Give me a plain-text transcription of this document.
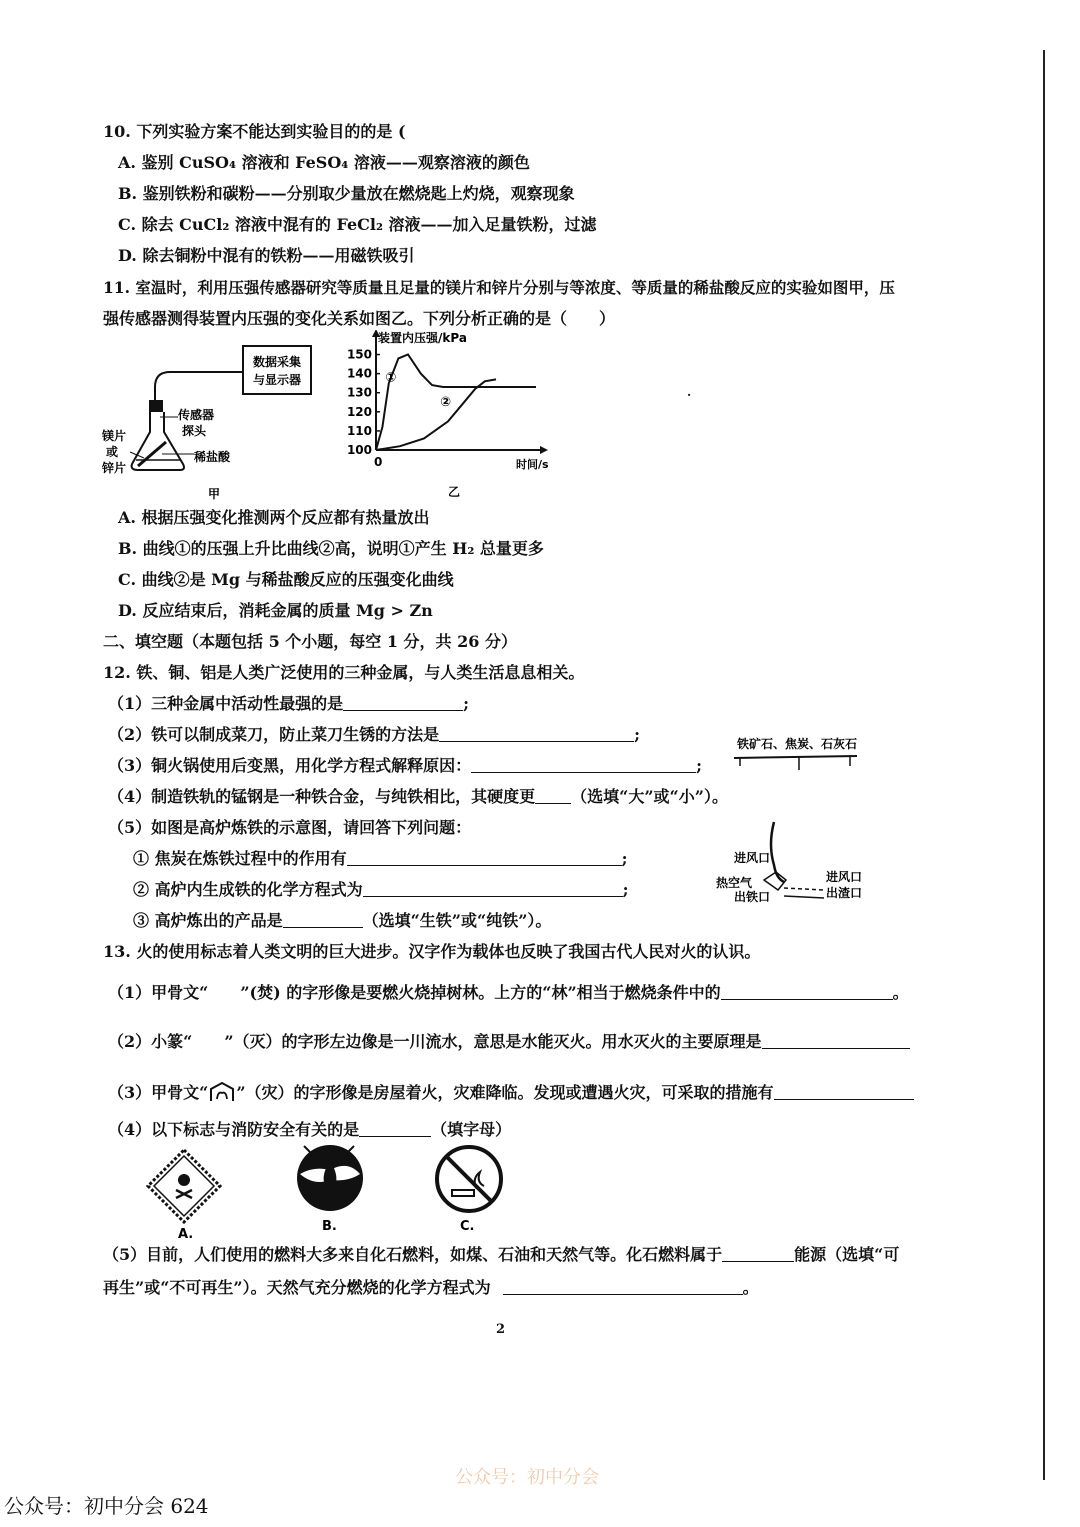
10. 下列实验方案不能达到实验目的的是 (
A. 鉴别 CuSO₄ 溶液和 FeSO₄ 溶液——观察溶液的颜色
B. 鉴别铁粉和碳粉——分别取少量放在燃烧匙上灼烧，观察现象
C. 除去 CuCl₂ 溶液中混有的 FeCl₂ 溶液——加入足量铁粉，过滤
D. 除去铜粉中混有的铁粉——用磁铁吸引
11. 室温时，利用压强传感器研究等质量且足量的镁片和锌片分别与等浓度、等质量的稀盐酸反应的实验如图甲，压
强传感器测得装置内压强的变化关系如图乙。下列分析正确的是（　　）
数据采集
与显示器
传感器
探头
稀盐酸
镁片
或
锌片
甲
100
110
120
130
140
150
装置内压强/kPa
时间/s
0
乙
①
②
·
A. 根据压强变化推测两个反应都有热量放出
B. 曲线①的压强上升比曲线②高，说明①产生 H₂ 总量更多
C. 曲线②是 Mg 与稀盐酸反应的压强变化曲线
D. 反应结束后，消耗金属的质量 Mg > Zn
二、填空题（本题包括 5 个小题，每空 1 分，共 26 分）
12. 铁、铜、铝是人类广泛使用的三种金属，与人类生活息息相关。
（1）三种金属中活动性最强的是	;
（2）铁可以制成菜刀，防止菜刀生锈的方法是	;
（3）铜火锅使用后变黑，用化学方程式解释原因：	;
（4）制造铁轨的锰钢是一种铁合金，与纯铁相比，其硬度更 （选填“大”或“小”）。
（5）如图是高炉炼铁的示意图，请回答下列问题：
① 焦炭在炼铁过程中的作用有	;
② 高炉内生成铁的化学方程式为	;
③ 高炉炼出的产品是	（选填“生铁”或“纯铁”）。
铁矿石、焦炭、石灰石
进风口
热空气
出铁口
进风口
出渣口
13. 火的使用标志着人类文明的巨大进步。汉字作为载体也反映了我国古代人民对火的认识。
（1）甲骨文“　　”(焚) 的字形像是要燃火烧掉树林。上方的“林”相当于燃烧条件中的	。
（2）小篆“　　”（灭）的字形左边像是一川流水，意思是水能灭火。用水灭火的主要原理是
（3）甲骨文“ ”（灾）的字形像是房屋着火，灾难降临。发现或遭遇火灾，可采取的措施有
（4）以下标志与消防安全有关的是	（填字母）
A.
B.	C.
（5）目前，人们使用的燃料大多来自化石燃料，如煤、石油和天然气等。化石燃料属于	能源（选填“可
再生”或“不可再生”）。天然气充分燃烧的化学方程式为	。
2
公众号：初中分会
公众号：初中分会 624
